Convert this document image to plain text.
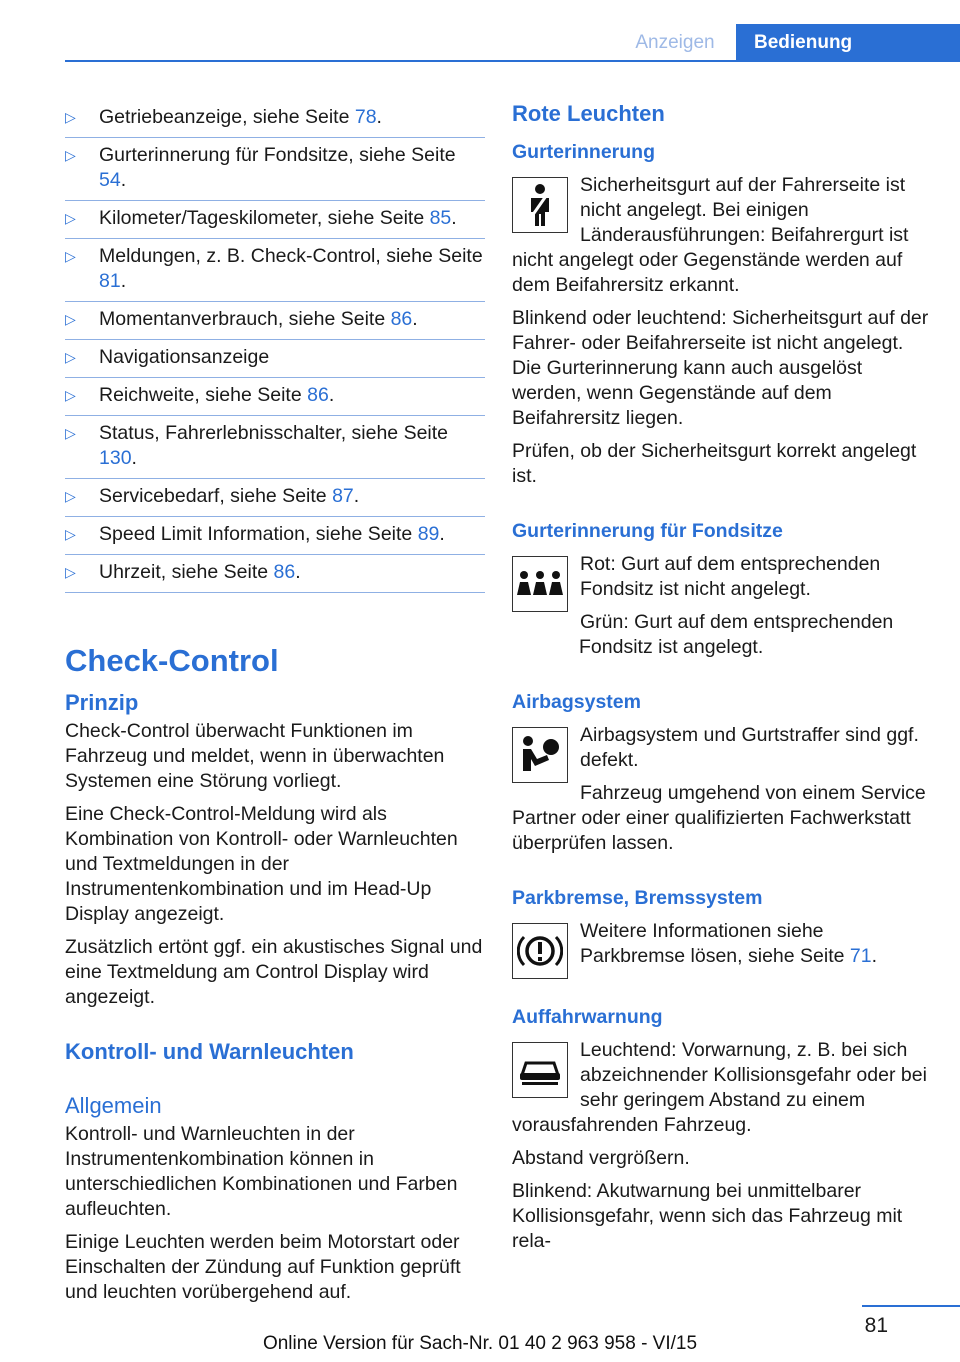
Anzeigen	Bedienung
▷ Getriebeanzeige, siehe Seite 78.
▷ Gurterinnerung für Fondsitze, siehe Seite 54.
▷ Kilometer/Tageskilometer, siehe Seite 85.
▷ Meldungen, z. B. Check-Control, siehe Seite 81.
▷ Momentanverbrauch, siehe Seite 86.
▷ Navigationsanzeige
▷ Reichweite, siehe Seite 86.
▷ Status, Fahrerlebnisschalter, siehe Seite 130.
▷ Servicebedarf, siehe Seite 87.
▷ Speed Limit Information, siehe Seite 89.
▷ Uhrzeit, siehe Seite 86.
Check-Control
Prinzip

Check-Control überwacht Funktionen im Fahrzeug und meldet, wenn in überwachten Systemen eine Störung vorliegt.

Eine Check-Control-Meldung wird als Kombination von Kontroll- oder Warnleuchten und Textmeldungen in der Instrumentenkombination und im Head-Up Display angezeigt.

Zusätzlich ertönt ggf. ein akustisches Signal und eine Textmeldung am Control Display wird angezeigt.

Kontroll- und Warnleuchten
Allgemein

Kontroll- und Warnleuchten in der Instrumentenkombination können in unterschiedlichen Kombinationen und Farben aufleuchten.

Einige Leuchten werden beim Motorstart oder Einschalten der Zündung auf Funktion geprüft und leuchten vorübergehend auf.

Rote Leuchten
Gurterinnerung

Sicherheitsgurt auf der Fahrerseite ist nicht angelegt. Bei einigen Länderausführungen: Beifahrergurt ist nicht angelegt oder Gegenstände werden auf dem Beifahrersitz erkannt.

Blinkend oder leuchtend: Sicherheitsgurt auf der Fahrer- oder Beifahrerseite ist nicht angelegt. Die Gurterinnerung kann auch ausgelöst werden, wenn Gegenstände auf dem Beifahrersitz liegen.

Prüfen, ob der Sicherheitsgurt korrekt angelegt ist.

Gurterinnerung für Fondsitze

Rot: Gurt auf dem entsprechenden Fondsitz ist nicht angelegt.

Grün: Gurt auf dem entsprechenden Fondsitz ist angelegt.

Airbagsystem

Airbagsystem und Gurtstraffer sind ggf. defekt.

Fahrzeug umgehend von einem Service Partner oder einer qualifizierten Fachwerkstatt überprüfen lassen.

Parkbremse, Bremssystem

Weitere Informationen siehe Parkbremse lösen, siehe Seite 71.

Auffahrwarnung

Leuchtend: Vorwarnung, z. B. bei sich abzeichnender Kollisionsgefahr oder bei sehr geringem Abstand zu einem vorausfahrenden Fahrzeug.

Abstand vergrößern.

Blinkend: Akutwarnung bei unmittelbarer Kollisionsgefahr, wenn sich das Fahrzeug mit rela-

81
Online Version für Sach-Nr. 01 40 2 963 958 - VI/15
